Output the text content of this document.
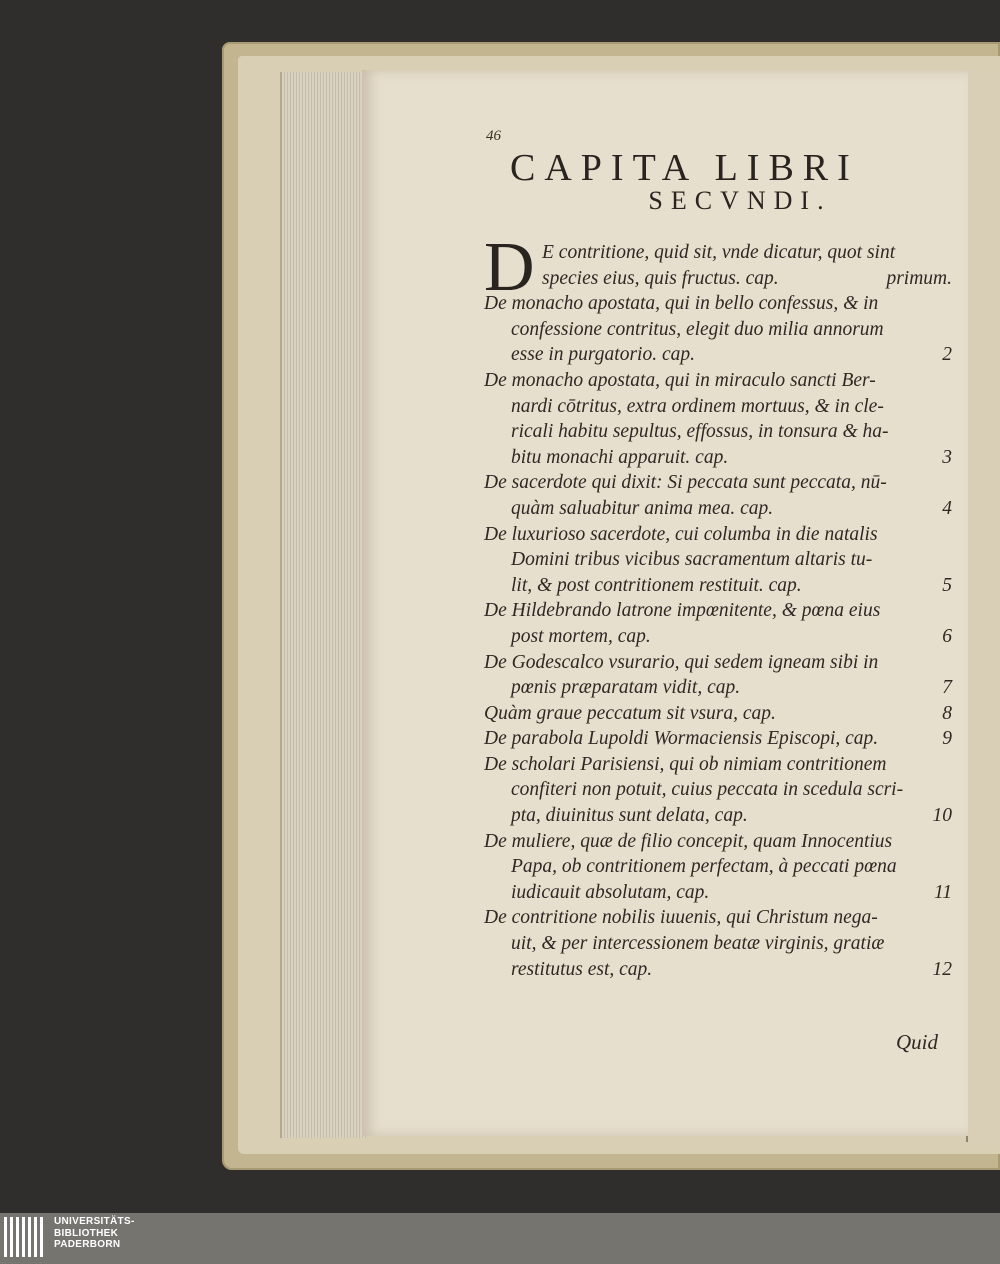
46
CAPITA LIBRI
SECVNDI.
D E contritione, quid sit, vnde dicatur, quot sint
species eius, quis fructus. cap.	primum.
De monacho apostata, qui in bello confessus, & in
confessione contritus, elegit duo milia annorum
esse in purgatorio. cap.	2
De monacho apostata, qui in miraculo sancti Ber-
nardi cōtritus, extra ordinem mortuus, & in cle-
ricali habitu sepultus, effossus, in tonsura & ha-
bitu monachi apparuit. cap.	3
De sacerdote qui dixit: Si peccata sunt peccata, nū-
quàm saluabitur anima mea. cap.	4
De luxurioso sacerdote, cui columba in die natalis
Domini tribus vicibus sacramentum altaris tu-
lit, & post contritionem restituit. cap.	5
De Hildebrando latrone impœnitente, & pœna eius
post mortem, cap.	6
De Godescalco vsurario, qui sedem igneam sibi in
pœnis præparatam vidit, cap.	7
Quàm graue peccatum sit vsura, cap.	8
De parabola Lupoldi Wormaciensis Episcopi, cap.	9
De scholari Parisiensi, qui ob nimiam contritionem
confiteri non potuit, cuius peccata in scedula scri-
pta, diuinitus sunt delata, cap.	10
De muliere, quæ de filio concepit, quam Innocentius
Papa, ob contritionem perfectam, à peccati pœna
iudicauit absolutam, cap.	11
De contritione nobilis iuuenis, qui Christum nega-
uit, & per intercessionem beatæ virginis, gratiæ
restitutus est, cap.	12
Quid
UNIVERSITÄTS-
BIBLIOTHEK
PADERBORN
